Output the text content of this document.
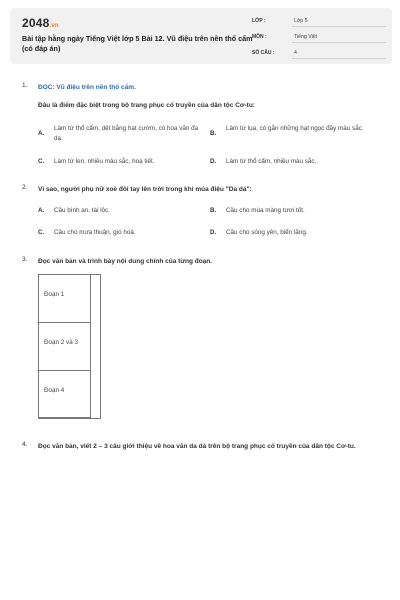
2048.vn
Bài tập hằng ngày Tiếng Việt lớp 5 Bài 12. Vũ điệu trên nền thổ cẩm (có đáp án)
LỚP :	Lớp 5
MÔN :	Tiếng Việt
SỐ CÂU :	4
1. ĐỌC: Vũ điệu trên nền thổ cẩm.
Đâu là điểm đặc biệt trong bộ trang phục cổ truyền của dân tộc Cơ-tu:
A.
Làm từ thổ cẩm, dệt bằng hạt cườm, có hoa văn đa dạ.
B.
Làm từ lụa, có gắn những hạt ngọc đầy màu sắc.
C. Làm từ len, nhiều màu sắc, hoạ tiết.	D. Làm từ thổ cẩm, nhiều màu sắc.
2. Vì sao, người phụ nữ xoè đôi tay lên trời trong khi múa điệu "Da dá":
A. Cầu bình an, tài lộc.	B. Cầu cho mùa màng tươi tốt.
C. Cầu cho mưa thuận, gió hoà.	D. Cầu cho sóng yên, biển lặng.
3. Đọc văn bản và trình bày nội dung chính của từng đoạn.
Đoạn 1
Đoạn 2 và 3
Đoạn 4
4. Đọc văn bản, viết 2 – 3 câu giới thiệu về hoa văn da dá trên bộ trang phục cổ truyền của dân tộc Cơ-tu.
